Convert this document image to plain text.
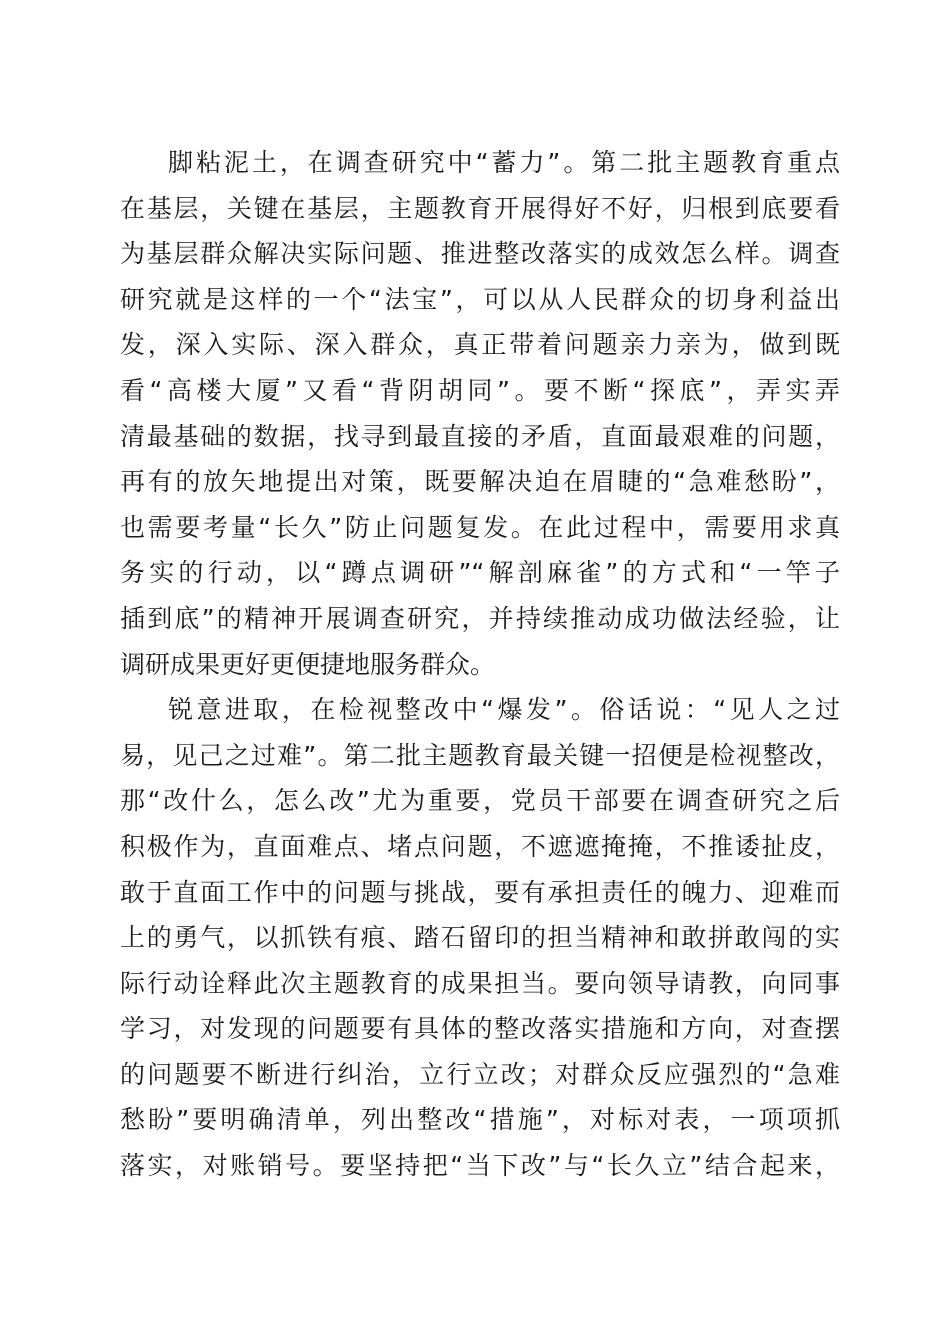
脚粘泥土，在调查研究中“蓄力”。第二批主题教育重点
在基层，关键在基层，主题教育开展得好不好，归根到底要看
为基层群众解决实际问题、推进整改落实的成效怎么样。调查
研究就是这样的一个“法宝”，可以从人民群众的切身利益出
发，深入实际、深入群众，真正带着问题亲力亲为，做到既
看“高楼大厦”又看“背阴胡同”。要不断“探底”，弄实弄
清最基础的数据，找寻到最直接的矛盾，直面最艰难的问题，
再有的放矢地提出对策，既要解决迫在眉睫的“急难愁盼”，
也需要考量“长久”防止问题复发。在此过程中，需要用求真
务实的行动，以“蹲点调研”“解剖麻雀”的方式和“一竿子
插到底”的精神开展调查研究，并持续推动成功做法经验，让
调研成果更好更便捷地服务群众。
锐意进取，在检视整改中“爆发”。俗话说：“见人之过
易，见己之过难”。第二批主题教育最关键一招便是检视整改，
那“改什么，怎么改”尤为重要，党员干部要在调查研究之后
积极作为，直面难点、堵点问题，不遮遮掩掩，不推诿扯皮，
敢于直面工作中的问题与挑战，要有承担责任的魄力、迎难而
上的勇气，以抓铁有痕、踏石留印的担当精神和敢拼敢闯的实
际行动诠释此次主题教育的成果担当。要向领导请教，向同事
学习，对发现的问题要有具体的整改落实措施和方向，对查摆
的问题要不断进行纠治，立行立改；对群众反应强烈的“急难
愁盼”要明确清单，列出整改“措施”，对标对表，一项项抓
落实，对账销号。要坚持把“当下改”与“长久立”结合起来，
